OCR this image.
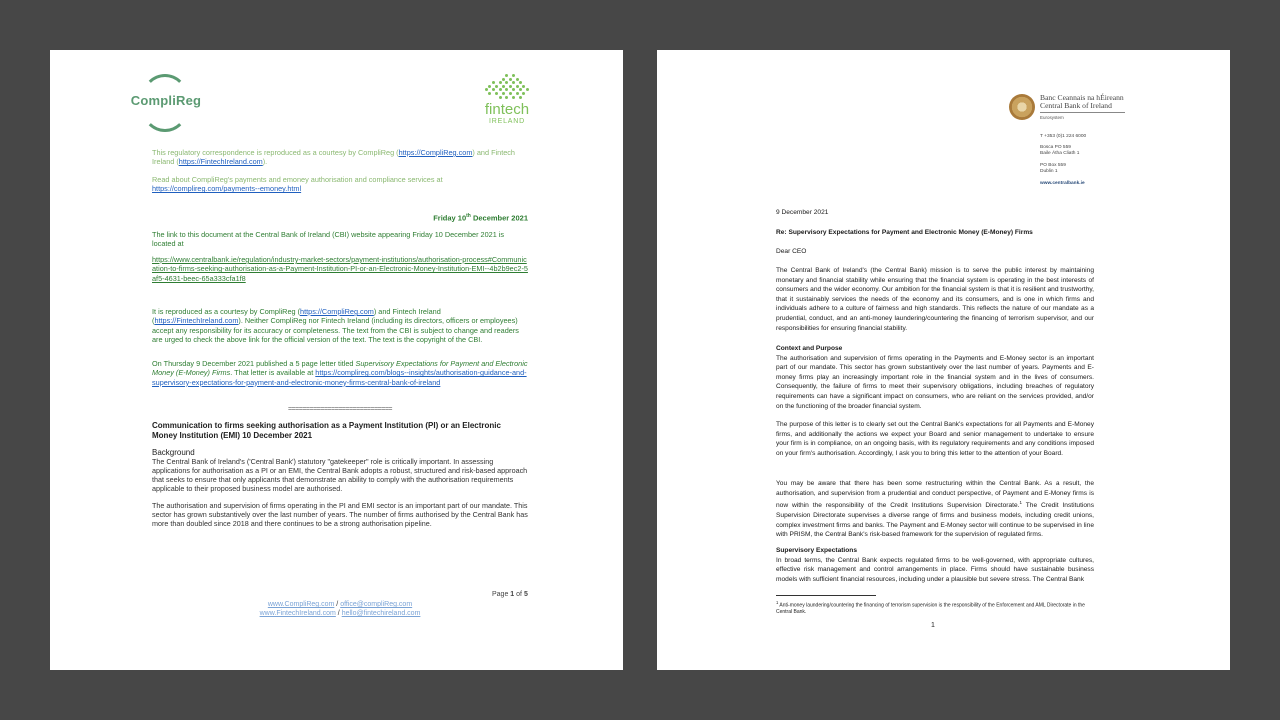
CompliReg
fintech
IRELAND
This regulatory correspondence is reproduced as a courtesy by CompliReg (https://CompliReg.com) and Fintech Ireland (https://FintechIreland.com).
Read about CompliReg's payments and emoney authorisation and compliance services at
https://complireg.com/payments--emoney.html
Friday 10th December 2021
The link to this document at the Central Bank of Ireland (CBI) website appearing Friday 10 December 2021 is located at
https://www.centralbank.ie/regulation/industry-market-sectors/payment-institutions/authorisation-process#Communication-to-firms-seeking-authorisation-as-a-Payment-Institution-PI-or-an-Electronic-Money-Institution-EMI--4b2b9ec2-5af5-4631-beec-65a333cfa1f8
It is reproduced as a courtesy by CompliReg (https://CompliReg.com) and Fintech Ireland (https://FintechIreland.com). Neither CompliReg nor Fintech Ireland (including its directors, officers or employees) accept any responsibility for its accuracy or completeness. The text from the CBI is subject to change and readers are urged to check the above link for the official version of the text. The text is the copyright of the CBI.
On Thursday 9 December 2021 published a 5 page letter titled Supervisory Expectations for Payment and Electronic Money (E-Money) Firms. That letter is available at https://complireg.com/blogs--insights/authorisation-guidance-and-supervisory-expectations-for-payment-and-electronic-money-firms-central-bank-of-ireland
=============================
Communication to firms seeking authorisation as a Payment Institution (PI) or an Electronic Money Institution (EMI) 10 December 2021
Background
The Central Bank of Ireland's ('Central Bank') statutory "gatekeeper" role is critically important. In assessing applications for authorisation as a PI or an EMI, the Central Bank adopts a robust, structured and risk-based approach that seeks to ensure that only applicants that demonstrate an ability to comply with the authorisation requirements applicable to their proposed business model are authorised.
The authorisation and supervision of firms operating in the PI and EMI sector is an important part of our mandate. This sector has grown substantively over the last number of years. The number of firms authorised by the Central Bank has more than doubled since 2018 and there continues to be a strong authorisation pipeline.
Page 1 of 5
www.CompliReg.com / office@compliReg.com
www.FintechIreland.com / hello@fintechireland.com
Banc Ceannais na hÉireann
Central Bank of Ireland
Eurosystem
T +353 (0)1 224 6000
Bosca PO 559
Baile Átha Cliath 1
PO Box 559
Dublin 1
www.centralbank.ie
9 December 2021
Re: Supervisory Expectations for Payment and Electronic Money (E-Money) Firms
Dear CEO
The Central Bank of Ireland's (the Central Bank) mission is to serve the public interest by maintaining monetary and financial stability while ensuring that the financial system is operating in the best interests of consumers and the wider economy. Our ambition for the financial system is that it is resilient and trustworthy, that it sustainably services the needs of the economy and its consumers, and is one in which firms and individuals adhere to a culture of fairness and high standards. This reflects the nature of our mandate as a prudential, conduct, and an anti-money laundering/countering the financing of terrorism supervisor, and our responsibilities for ensuring financial stability.
Context and Purpose
The authorisation and supervision of firms operating in the Payments and E-Money sector is an important part of our mandate. This sector has grown substantively over the last number of years. Payments and E-money firms play an increasingly important role in the financial system and in the lives of consumers. Consequently, the failure of firms to meet their supervisory obligations, including breaches of regulatory requirements can have a significant impact on consumers, who are reliant on the services provided, and/or on the functioning of the broader financial system.
The purpose of this letter is to clearly set out the Central Bank's expectations for all Payments and E-Money firms, and additionally the actions we expect your Board and senior management to undertake to ensure your firm is in compliance, on an ongoing basis, with its regulatory requirements and any conditions imposed on your firm's authorisation. Accordingly, I ask you to bring this letter to the attention of your Board.
You may be aware that there has been some restructuring within the Central Bank. As a result, the authorisation, and supervision from a prudential and conduct perspective, of Payment and E-Money firms is now within the responsibility of the Credit Institutions Supervision Directorate.$^1$ The Credit Institutions Supervision Directorate supervises a diverse range of firms and business models, including credit unions, complex investment firms and banks. The Payment and E-Money sector will continue to be supervised in line with PRISM, the Central Bank's risk-based framework for the supervision of regulated firms.
Supervisory Expectations
In broad terms, the Central Bank expects regulated firms to be well-governed, with appropriate cultures, effective risk management and control arrangements in place. Firms should have sustainable business models with sufficient financial resources, including under a plausible but severe stress. The Central Bank
$^1$ Anti-money laundering/countering the financing of terrorism supervision is the responsibility of the Enforcement and AML Directorate in the Central Bank.
1
